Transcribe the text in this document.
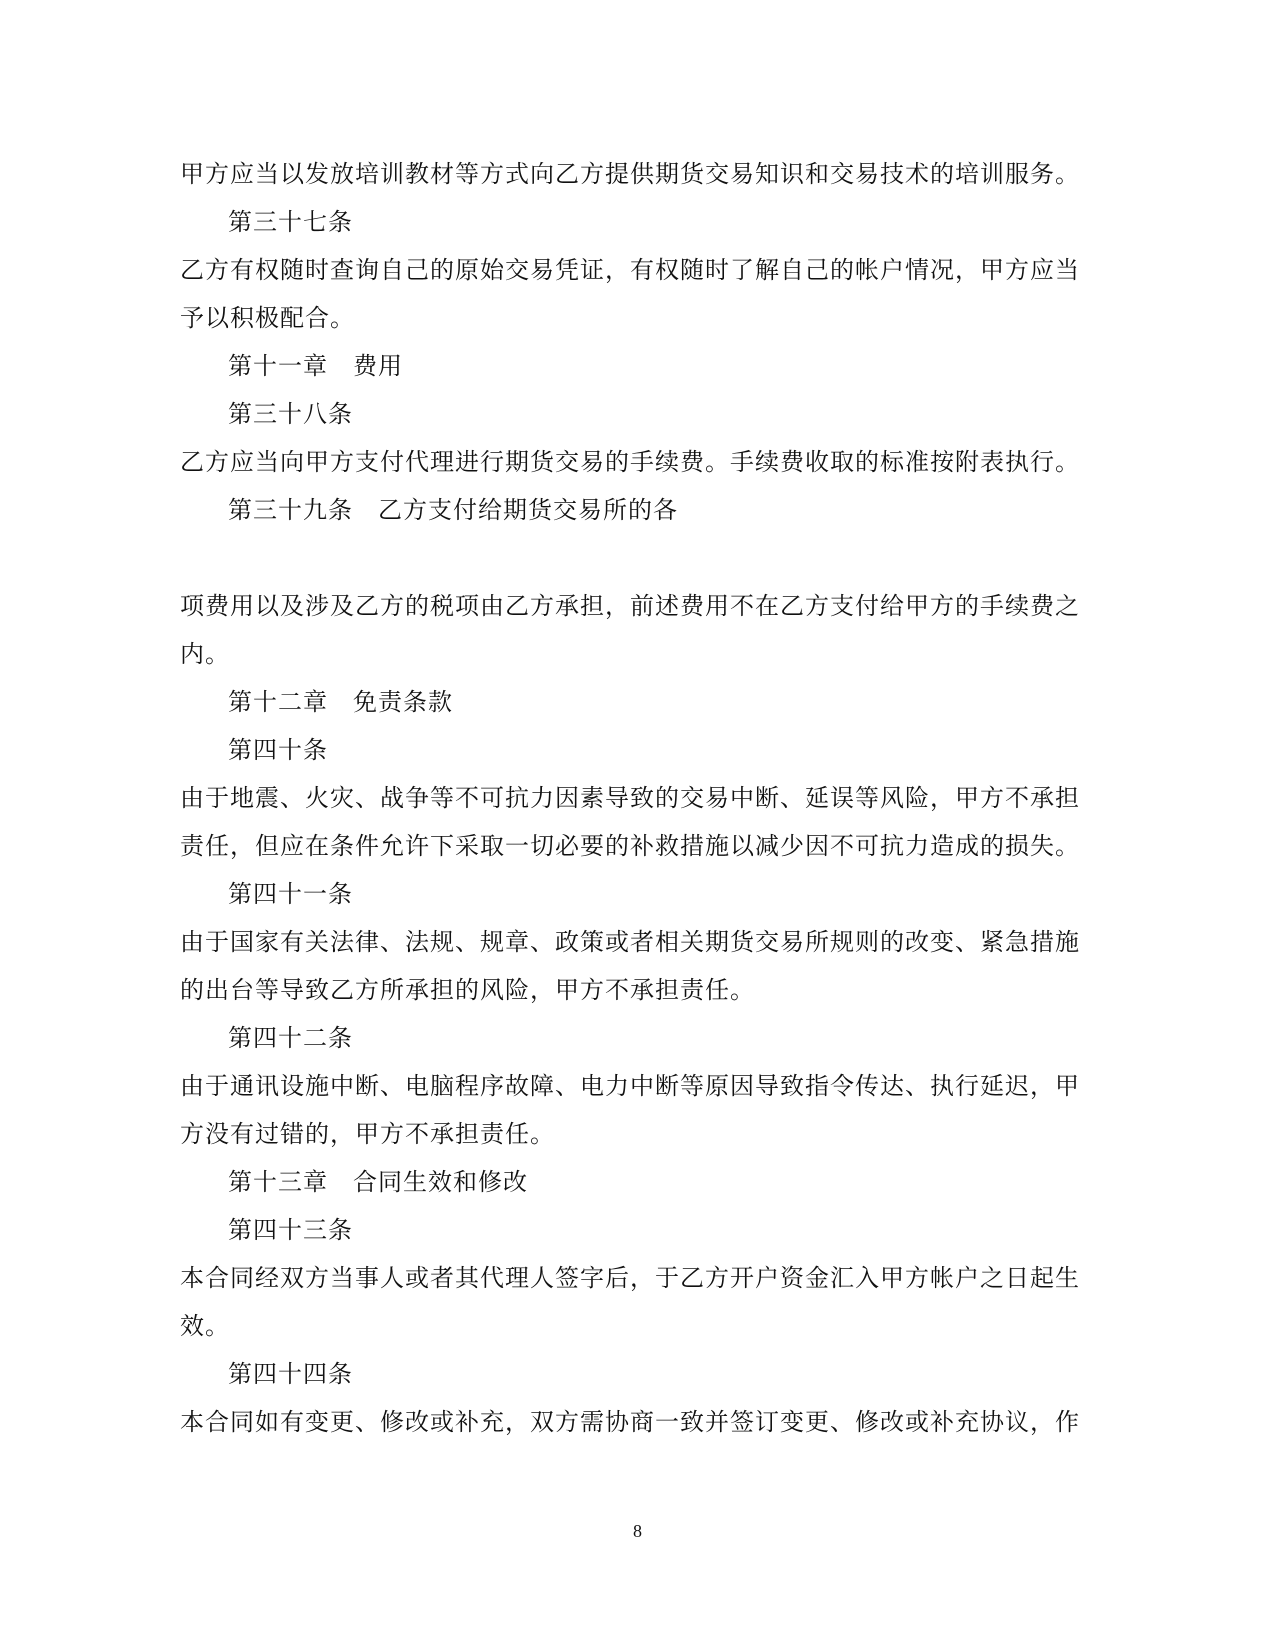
甲方应当以发放培训教材等方式向乙方提供期货交易知识和交易技术的培训服务。
第三十七条
乙方有权随时查询自己的原始交易凭证，有权随时了解自己的帐户情况，甲方应当
予以积极配合。
第十一章　费用
第三十八条
乙方应当向甲方支付代理进行期货交易的手续费。手续费收取的标准按附表执行。
第三十九条　乙方支付给期货交易所的各
项费用以及涉及乙方的税项由乙方承担，前述费用不在乙方支付给甲方的手续费之
内。
第十二章　免责条款
第四十条
由于地震、火灾、战争等不可抗力因素导致的交易中断、延误等风险，甲方不承担
责任，但应在条件允许下采取一切必要的补救措施以减少因不可抗力造成的损失。
第四十一条
由于国家有关法律、法规、规章、政策或者相关期货交易所规则的改变、紧急措施
的出台等导致乙方所承担的风险，甲方不承担责任。
第四十二条
由于通讯设施中断、电脑程序故障、电力中断等原因导致指令传达、执行延迟，甲
方没有过错的，甲方不承担责任。
第十三章　合同生效和修改
第四十三条
本合同经双方当事人或者其代理人签字后，于乙方开户资金汇入甲方帐户之日起生
效。
第四十四条
本合同如有变更、修改或补充，双方需协商一致并签订变更、修改或补充协议，作
8
